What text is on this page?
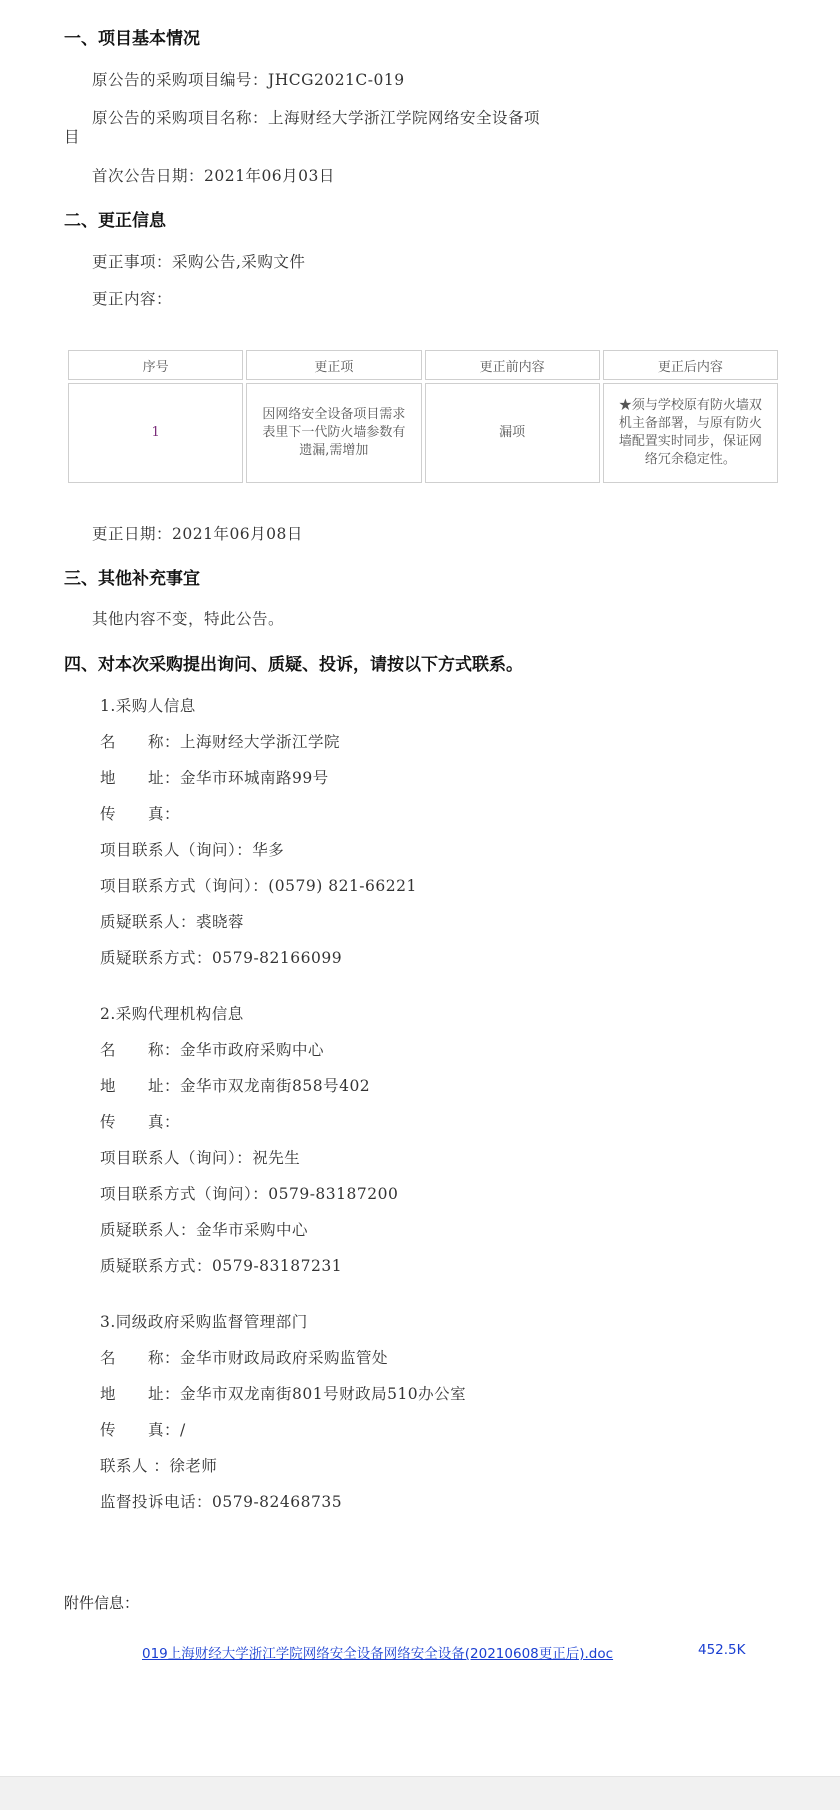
一、项目基本情况
原公告的采购项目编号：JHCG2021C-019
原公告的采购项目名称：上海财经大学浙江学院网络安全设备项
目
首次公告日期：2021年06月03日
二、更正信息
更正事项：采购公告,采购文件
更正内容：
序号	更正项	更正前内容	更正后内容
1	因网络安全设备项目需求表里下一代防火墙参数有遗漏,需增加	漏项	★须与学校原有防火墙双机主备部署，与原有防火墙配置实时同步，保证网络冗余稳定性。
更正日期：2021年06月08日
三、其他补充事宜
其他内容不变，特此公告。
四、对本次采购提出询问、质疑、投诉，请按以下方式联系。
1.采购人信息
名　　称：上海财经大学浙江学院
地　　址：金华市环城南路99号
传　　真：
项目联系人（询问）：华多
项目联系方式（询问）：(0579) 821-66221
质疑联系人：裘晓蓉
质疑联系方式：0579-82166099
2.采购代理机构信息
名　　称：金华市政府采购中心
地　　址：金华市双龙南街858号402
传　　真：
项目联系人（询问）：祝先生
项目联系方式（询问）：0579-83187200
质疑联系人：金华市采购中心
质疑联系方式：0579-83187231
3.同级政府采购监督管理部门
名　　称：金华市财政局政府采购监管处
地　　址：金华市双龙南街801号财政局510办公室
传　　真：/
联系人 ：徐老师
监督投诉电话：0579-82468735
附件信息：
019上海财经大学浙江学院网络安全设备网络安全设备(20210608更正后).doc	452.5K
